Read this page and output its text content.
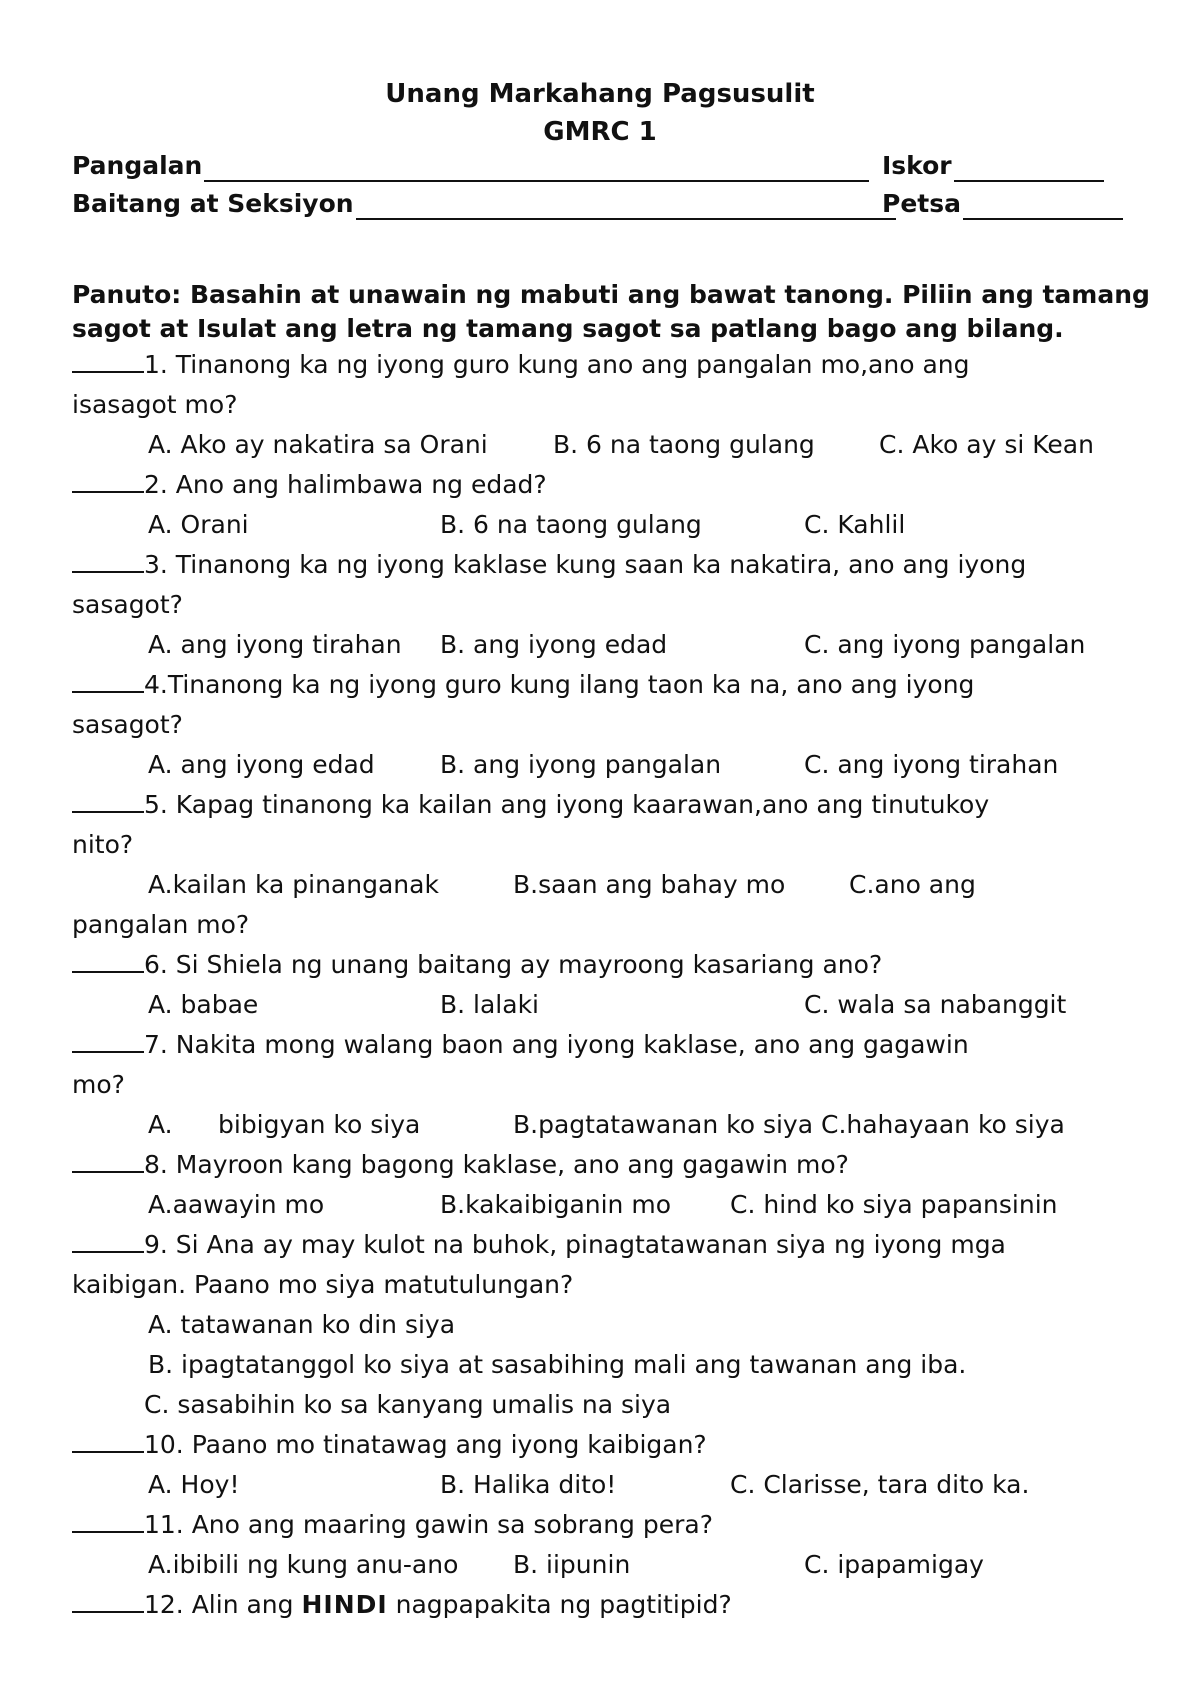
Unang Markahang Pagsusulit
GMRC 1
Pangalan	Iskor
Baitang at Seksiyon	Petsa

Panuto: Basahin at unawain ng mabuti ang bawat tanong. Piliin ang tamang sagot at Isulat ang letra ng tamang sagot sa patlang bago ang bilang.

1. Tinanong ka ng iyong guro kung ano ang pangalan mo,ano ang
isasagot mo?
A. Ako ay nakatira sa Orani	B. 6 na taong gulang	C. Ako ay si Kean
2. Ano ang halimbawa ng edad?
A. Orani	B. 6 na taong gulang	C. Kahlil
3. Tinanong ka ng iyong kaklase kung saan ka nakatira, ano ang iyong
sasagot?
A. ang iyong tirahan B. ang iyong edad	C. ang iyong pangalan
4.Tinanong ka ng iyong guro kung ilang taon ka na, ano ang iyong
sasagot?
A. ang iyong edad	B. ang iyong pangalan	C. ang iyong tirahan
5. Kapag tinanong ka kailan ang iyong kaarawan,ano ang tinutukoy
nito?
A.kailan ka pinanganak	B.saan ang bahay mo	C.ano ang
pangalan mo?
6. Si Shiela ng unang baitang ay mayroong kasariang ano?
A. babae	B. lalaki	C. wala sa nabanggit
7. Nakita mong walang baon ang iyong kaklase, ano ang gagawin
mo?
A. bibigyan ko siya	B.pagtatawanan ko siya C.hahayaan ko siya
8. Mayroon kang bagong kaklase, ano ang gagawin mo?
A.aawayin mo	B.kakaibiganin mo C. hind ko siya papansinin
9. Si Ana ay may kulot na buhok, pinagtatawanan siya ng iyong mga
kaibigan. Paano mo siya matutulungan?
A. tatawanan ko din siya
B. ipagtatanggol ko siya at sasabihing mali ang tawanan ang iba.
C. sasabihin ko sa kanyang umalis na siya
10. Paano mo tinatawag ang iyong kaibigan?
A. Hoy!	B. Halika dito!	C. Clarisse, tara dito ka.
11. Ano ang maaring gawin sa sobrang pera?
A.ibibili ng kung anu-ano B. iipunin	C. ipapamigay
12. Alin ang HINDI nagpapakita ng pagtitipid?
